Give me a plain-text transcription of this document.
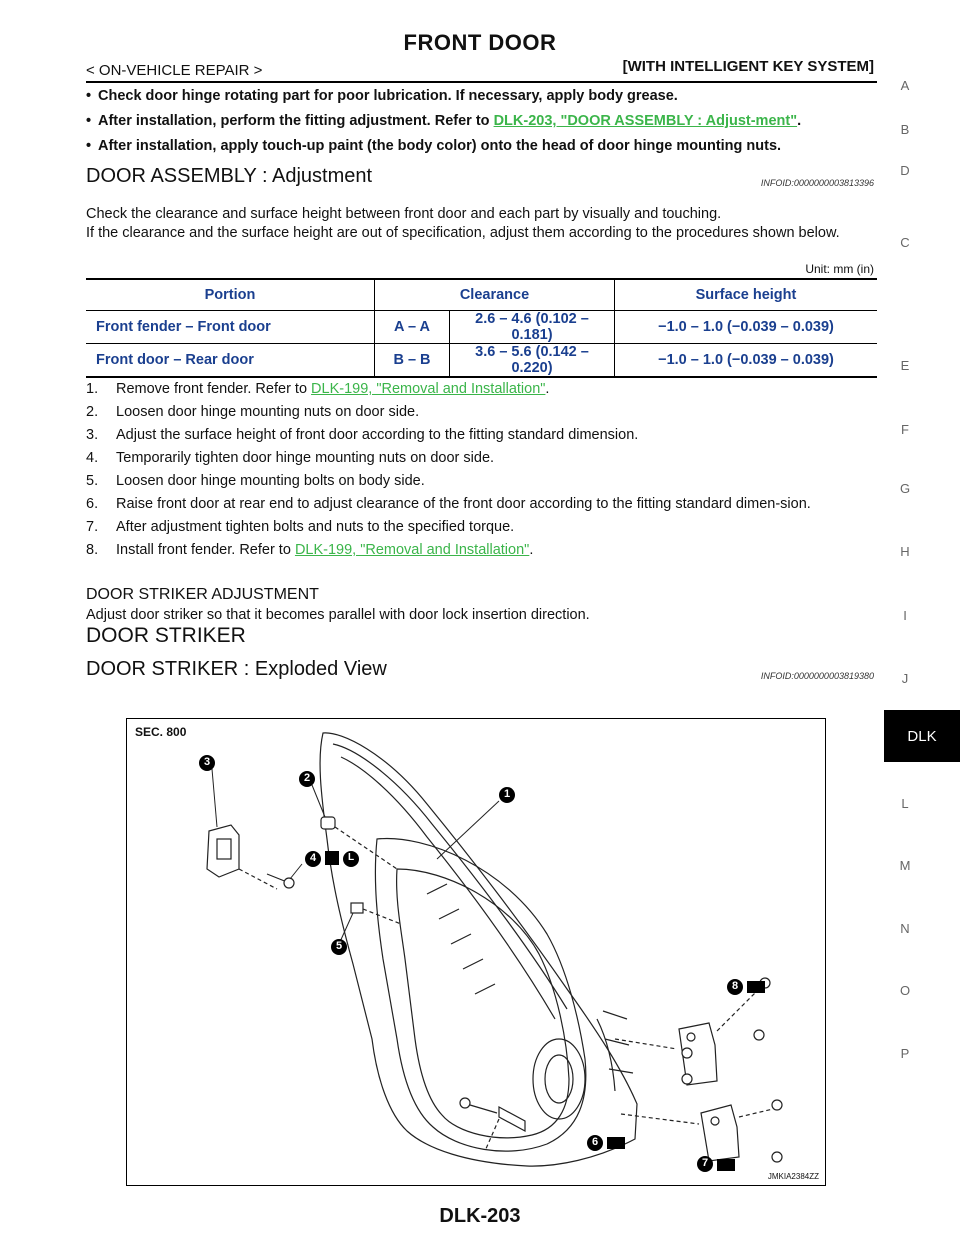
FRONT DOOR
< ON-VEHICLE REPAIR >	[WITH INTELLIGENT KEY SYSTEM]
• Check door hinge rotating part for poor lubrication. If necessary, apply body grease.
• After installation, perform the fitting adjustment. Refer to DLK-203, "DOOR ASSEMBLY : Adjust-ment".
• After installation, apply touch-up paint (the body color) onto the head of door hinge mounting nuts.
DOOR ASSEMBLY : Adjustment	INFOID:0000000003813396
Check the clearance and surface height between front door and each part by visually and touching.
If the clearance and the surface height are out of specification, adjust them according to the procedures shown below.
Unit: mm (in)
Portion	Clearance		Surface height
Front fender – Front door	A – A	2.6 – 4.6 (0.102 – 0.181)	−1.0 – 1.0 (−0.039 – 0.039)
Front door – Rear door	B – B	3.6 – 5.6 (0.142 – 0.220)	−1.0 – 1.0 (−0.039 – 0.039)
1. Remove front fender. Refer to DLK-199, "Removal and Installation".
2. Loosen door hinge mounting nuts on door side.
3. Adjust the surface height of front door according to the fitting standard dimension.
4. Temporarily tighten door hinge mounting nuts on door side.
5. Loosen door hinge mounting bolts on body side.
6. Raise front door at rear end to adjust clearance of the front door according to the fitting standard dimen-sion.
7. After adjustment tighten bolts and nuts to the specified torque.
8. Install front fender. Refer to DLK-199, "Removal and Installation".
DOOR STRIKER ADJUSTMENT
Adjust door striker so that it becomes parallel with door lock insertion direction.
DOOR STRIKER
DOOR STRIKER : Exploded View	INFOID:0000000003819380
A
B
C
D
E
F
G
H
I
J
L
M
N
O
P
DLK
SEC. 800
3
2
1
4	L
5
6
7
8
JMKIA2384ZZ
DLK-203
